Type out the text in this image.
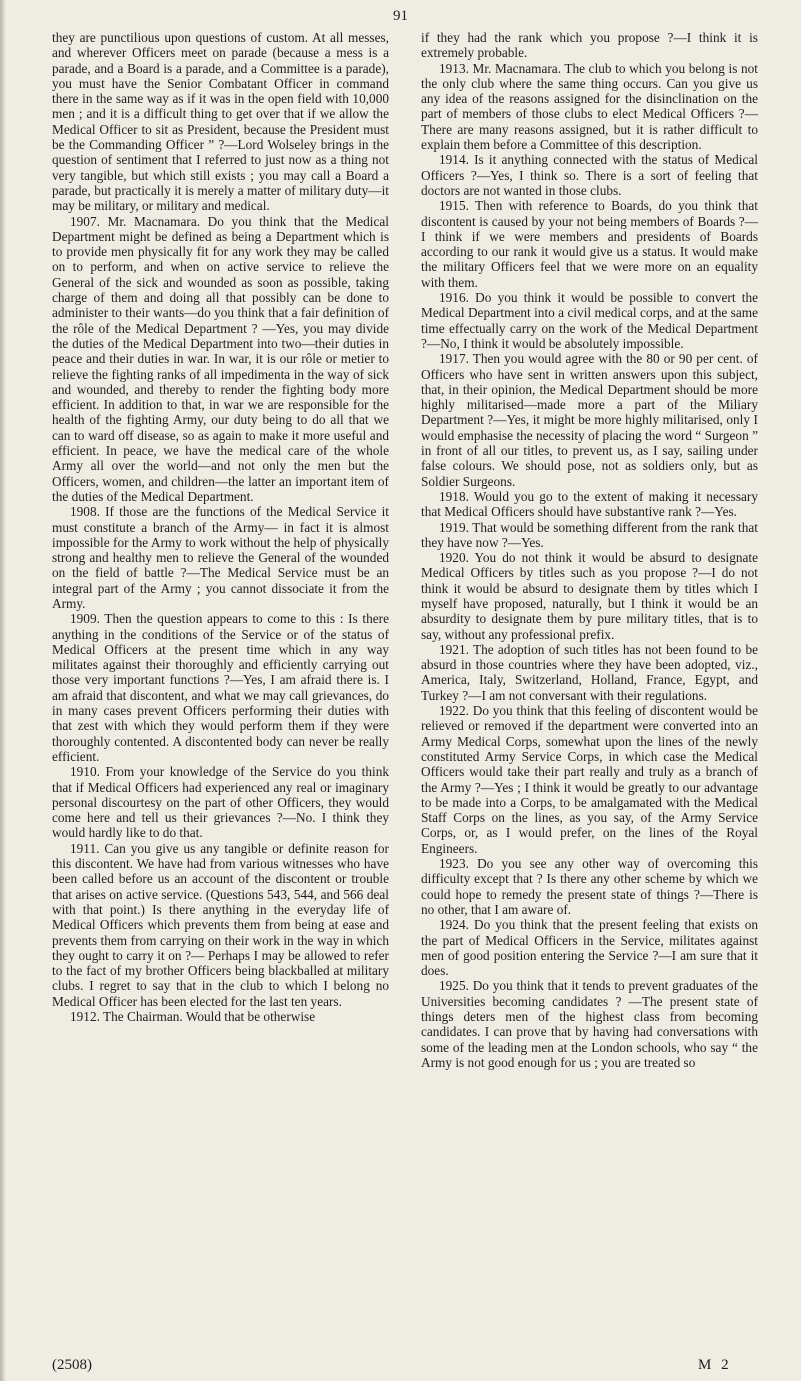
91

they are punctilious upon questions of custom. At all messes, and wherever Officers meet on parade (because a mess is a parade, and a Board is a parade, and a Committee is a parade), you must have the Senior Combatant Officer in command there in the same way as if it was in the open field with 10,000 men ; and it is a difficult thing to get over that if we allow the Medical Officer to sit as President, because the President must be the Commanding Officer ” ?—Lord Wolseley brings in the question of sentiment that I referred to just now as a thing not very tangible, but which still exists ; you may call a Board a parade, but practically it is merely a matter of military duty—it may be military, or military and medical.

1907. Mr. Macnamara. Do you think that the Medical Department might be defined as being a Department which is to provide men physically fit for any work they may be called on to perform, and when on active service to relieve the General of the sick and wounded as soon as possible, taking charge of them and doing all that possibly can be done to administer to their wants—do you think that a fair definition of the rôle of the Medical Department ? —Yes, you may divide the duties of the Medical Department into two—their duties in peace and their duties in war. In war, it is our rôle or metier to relieve the fighting ranks of all impedimenta in the way of sick and wounded, and thereby to render the fighting body more efficient. In addition to that, in war we are responsible for the health of the fighting Army, our duty being to do all that we can to ward off disease, so as again to make it more useful and efficient. In peace, we have the medical care of the whole Army all over the world—and not only the men but the Officers, women, and children—the latter an important item of the duties of the Medical Department.

1908. If those are the functions of the Medical Service it must constitute a branch of the Army— in fact it is almost impossible for the Army to work without the help of physically strong and healthy men to relieve the General of the wounded on the field of battle ?—The Medical Service must be an integral part of the Army ; you cannot dissociate it from the Army.

1909. Then the question appears to come to this : Is there anything in the conditions of the Service or of the status of Medical Officers at the present time which in any way militates against their thoroughly and efficiently carrying out those very important functions ?—Yes, I am afraid there is. I am afraid that discontent, and what we may call grievances, do in many cases prevent Officers performing their duties with that zest with which they would perform them if they were thoroughly contented. A discontented body can never be really efficient.

1910. From your knowledge of the Service do you think that if Medical Officers had experienced any real or imaginary personal discourtesy on the part of other Officers, they would come here and tell us their grievances ?—No. I think they would hardly like to do that.

1911. Can you give us any tangible or definite reason for this discontent. We have had from various witnesses who have been called before us an account of the discontent or trouble that arises on active service. (Questions 543, 544, and 566 deal with that point.) Is there anything in the everyday life of Medical Officers which prevents them from being at ease and prevents them from carrying on their work in the way in which they ought to carry it on ?— Perhaps I may be allowed to refer to the fact of my brother Officers being blackballed at military clubs. I regret to say that in the club to which I belong no Medical Officer has been elected for the last ten years.

1912. The Chairman. Would that be otherwise

if they had the rank which you propose ?—I think it is extremely probable.

1913. Mr. Macnamara. The club to which you belong is not the only club where the same thing occurs. Can you give us any idea of the reasons assigned for the disinclination on the part of members of those clubs to elect Medical Officers ?—There are many reasons assigned, but it is rather difficult to explain them before a Committee of this description.

1914. Is it anything connected with the status of Medical Officers ?—Yes, I think so. There is a sort of feeling that doctors are not wanted in those clubs.

1915. Then with reference to Boards, do you think that discontent is caused by your not being members of Boards ?—I think if we were members and presidents of Boards according to our rank it would give us a status. It would make the military Officers feel that we were more on an equality with them.

1916. Do you think it would be possible to convert the Medical Department into a civil medical corps, and at the same time effectually carry on the work of the Medical Department ?—No, I think it would be absolutely impossible.

1917. Then you would agree with the 80 or 90 per cent. of Officers who have sent in written answers upon this subject, that, in their opinion, the Medical Department should be more highly militarised—made more a part of the Miliary Department ?—Yes, it might be more highly militarised, only I would emphasise the necessity of placing the word “ Surgeon ” in front of all our titles, to prevent us, as I say, sailing under false colours. We should pose, not as soldiers only, but as Soldier Surgeons.

1918. Would you go to the extent of making it necessary that Medical Officers should have substantive rank ?—Yes.

1919. That would be something different from the rank that they have now ?—Yes.

1920. You do not think it would be absurd to designate Medical Officers by titles such as you propose ?—I do not think it would be absurd to designate them by titles which I myself have proposed, naturally, but I think it would be an absurdity to designate them by pure military titles, that is to say, without any professional prefix.

1921. The adoption of such titles has not been found to be absurd in those countries where they have been adopted, viz., America, Italy, Switzerland, Holland, France, Egypt, and Turkey ?—I am not conversant with their regulations.

1922. Do you think that this feeling of discontent would be relieved or removed if the department were converted into an Army Medical Corps, somewhat upon the lines of the newly constituted Army Service Corps, in which case the Medical Officers would take their part really and truly as a branch of the Army ?—Yes ; I think it would be greatly to our advantage to be made into a Corps, to be amalgamated with the Medical Staff Corps on the lines, as you say, of the Army Service Corps, or, as I would prefer, on the lines of the Royal Engineers.

1923. Do you see any other way of overcoming this difficulty except that ? Is there any other scheme by which we could hope to remedy the present state of things ?—There is no other, that I am aware of.

1924. Do you think that the present feeling that exists on the part of Medical Officers in the Service, militates against men of good position entering the Service ?—I am sure that it does.

1925. Do you think that it tends to prevent graduates of the Universities becoming candidates ? —The present state of things deters men of the highest class from becoming candidates. I can prove that by having had conversations with some of the leading men at the London schools, who say “ the Army is not good enough for us ; you are treated so

(2508)	M 2
